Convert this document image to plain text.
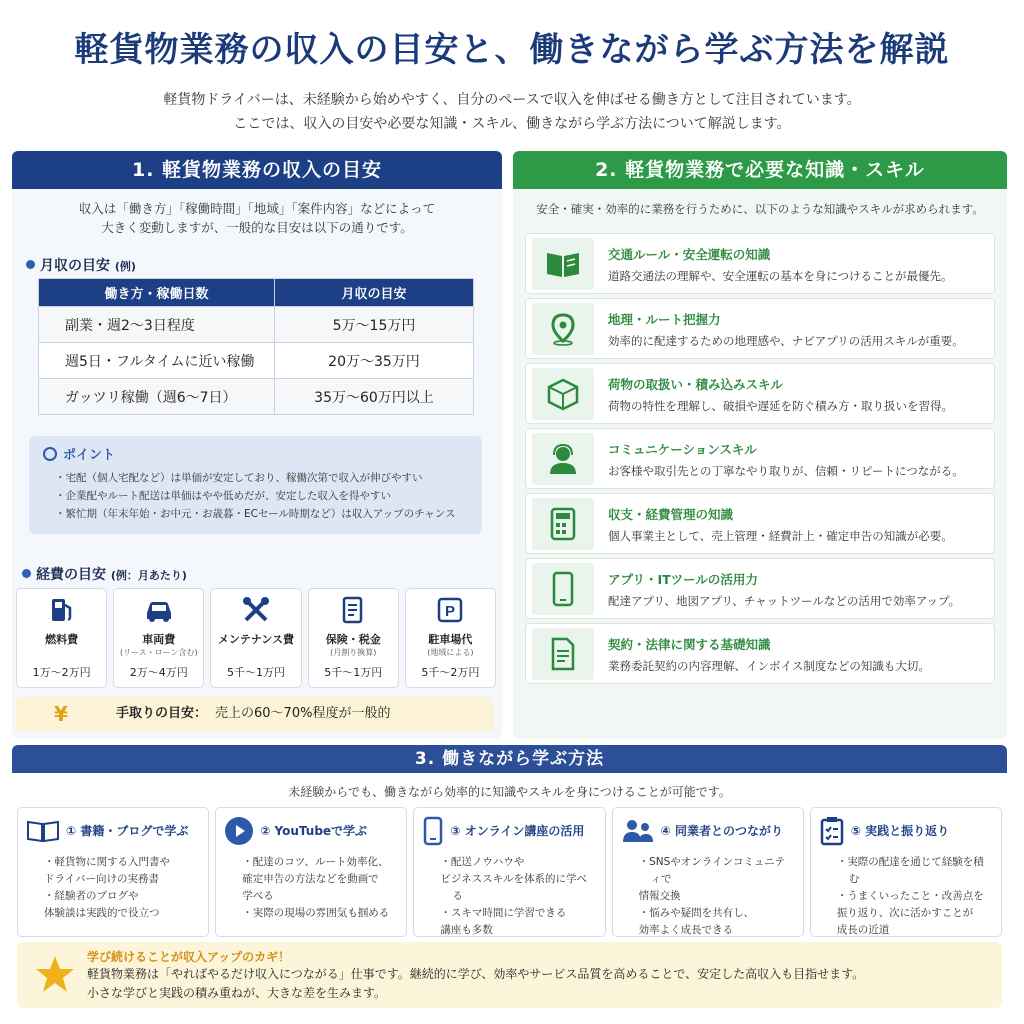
軽貨物業務の収入の目安と、働きながら学ぶ方法を解説
軽貨物ドライバーは、未経験から始めやすく、自分のペースで収入を伸ばせる働き方として注目されています。
ここでは、収入の目安や必要な知識・スキル、働きながら学ぶ方法について解説します。
1. 軽貨物業務の収入の目安
収入は「働き方」「稼働時間」「地域」「案件内容」などによって
大きく変動しますが、一般的な目安は以下の通りです。
月収の目安 (例)
働き方・稼働日数	月収の目安
副業・週2〜3日程度	5万〜15万円
週5日・フルタイムに近い稼働	20万〜35万円
ガッツリ稼働（週6〜7日）	35万〜60万円以上
ポイント
・ 宅配（個人宅配など）は単価が安定しており、稼働次第で収入が伸びやすい
・ 企業配やルート配送は単価はやや低めだが、安定した収入を得やすい
・ 繁忙期（年末年始・お中元・お歳暮・ECセール時期など）は収入アップのチャンス
経費の目安 (例：月あたり)
燃料費
1万〜2万円
車両費
(リース・ローン含む)
2万〜4万円
メンテナンス費
5千〜1万円
保険・税金
(月割り換算)
5千〜1万円
P
駐車場代
(地域による)
5千〜2万円
¥	手取りの目安： 売上の60〜70%程度が一般的
2. 軽貨物業務で必要な知識・スキル
安全・確実・効率的に業務を行うために、以下のような知識やスキルが求められます。
交通ルール・安全運転の知識
道路交通法の理解や、安全運転の基本を身につけることが最優先。
地理・ルート把握力
効率的に配達するための地理感や、ナビアプリの活用スキルが重要。
荷物の取扱い・積み込みスキル
荷物の特性を理解し、破損や遅延を防ぐ積み方・取り扱いを習得。
コミュニケーションスキル
お客様や取引先との丁寧なやり取りが、信頼・リピートにつながる。
収支・経費管理の知識
個人事業主として、売上管理・経費計上・確定申告の知識が必要。
アプリ・ITツールの活用力
配達アプリ、地図アプリ、チャットツールなどの活用で効率アップ。
契約・法律に関する基礎知識
業務委託契約の内容理解、インボイス制度などの知識も大切。
3. 働きながら学ぶ方法
未経験からでも、働きながら効率的に知識やスキルを身につけることが可能です。
① 書籍・ブログで学ぶ
・ 軽貨物に関する入門書や
ドライバー向けの実務書
・ 経験者のブログや
体験談は実践的で役立つ
② YouTubeで学ぶ
・ 配達のコツ、ルート効率化、
確定申告の方法などを動画で
学べる
・ 実際の現場の雰囲気も掴める
③ オンライン講座の活用
・ 配送ノウハウや
ビジネススキルを体系的に学べる
・ スキマ時間に学習できる
講座も多数
④ 同業者とのつながり
・ SNSやオンラインコミュニティで
情報交換
・ 悩みや疑問を共有し、
効率よく成長できる
⑤ 実践と振り返り
・ 実際の配達を通じて経験を積む
・ うまくいったこと・改善点を
振り返り、次に活かすことが
成長の近道
学び続けることが収入アップのカギ！
軽貨物業務は「やればやるだけ収入につながる」仕事です。継続的に学び、効率やサービス品質を高めることで、安定した高収入も目指せます。
小さな学びと実践の積み重ねが、大きな差を生みます。
